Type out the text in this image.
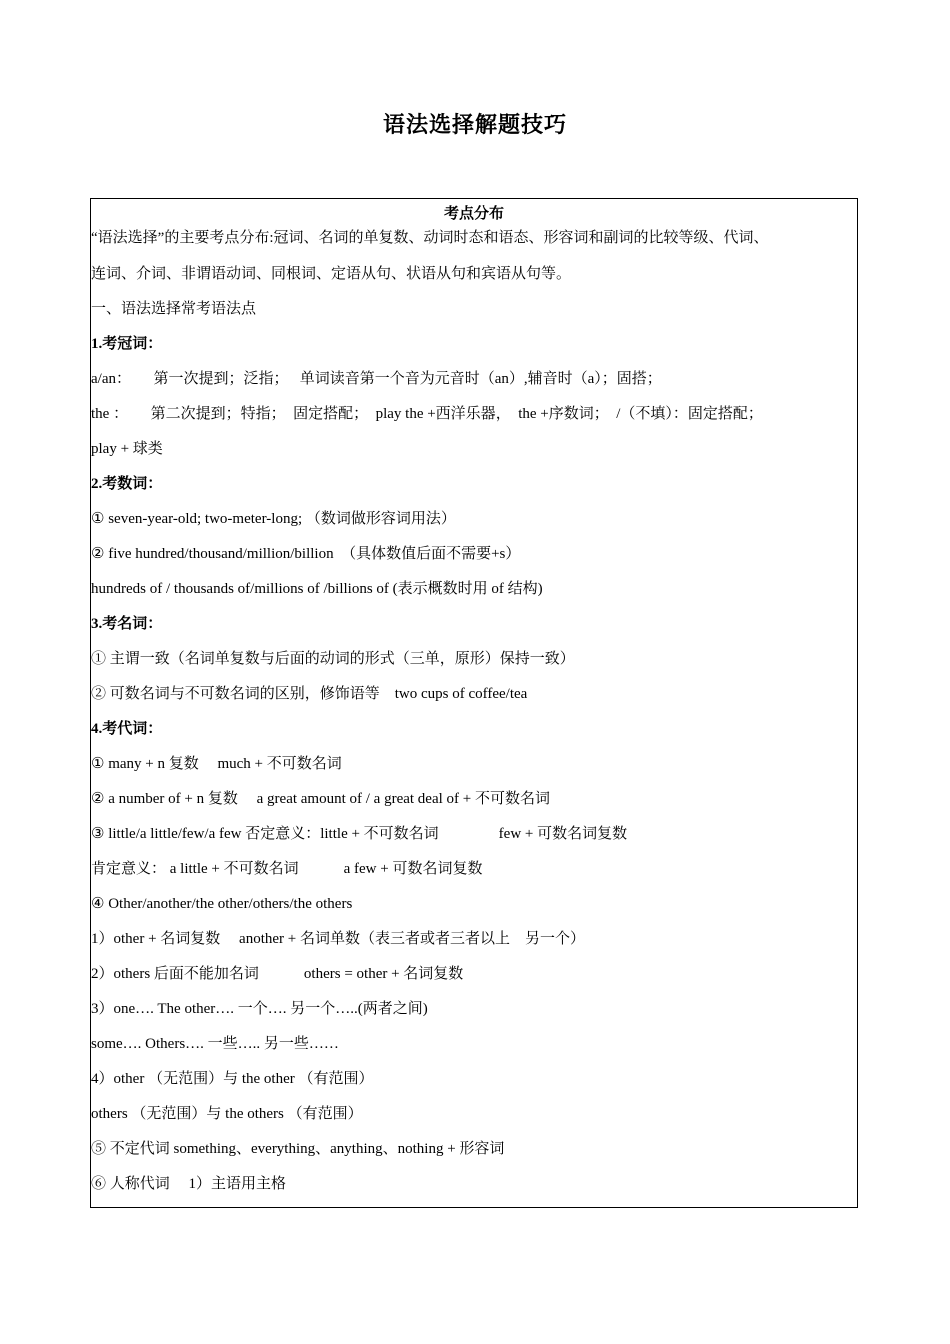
语法选择解题技巧
考点分布
“语法选择”的主要考点分布:冠词、名词的单复数、动词时态和语态、形容词和副词的比较等级、代词、
连词、介词、非谓语动词、同根词、定语从句、状语从句和宾语从句等。
一、语法选择常考语法点
1.考冠词：
a/an：　　第一次提到；泛指；　 单词读音第一个音为元音时（an）,辅音时（a）；固搭；
the ：　　第二次提到；特指；　固定搭配；　play the +西洋乐器，　the +序数词；　/（不填）：固定搭配；
play + 球类
2.考数词：
① seven-year-old; two-meter-long; （数词做形容词用法）
② five hundred/thousand/million/billion　（具体数值后面不需要+s）
hundreds of / thousands of/millions of /billions of (表示概数时用 of 结构)
3.考名词：
① 主谓一致（名词单复数与后面的动词的形式（三单，原形）保持一致）
② 可数名词与不可数名词的区别，修饰语等　two cups of coffee/tea
4.考代词：
① many + n 复数　 much + 不可数名词
② a number of + n 复数　 a great amount of / a great deal of + 不可数名词
③ little/a little/few/a few 否定意义：little + 不可数名词　　　　few + 可数名词复数
肯定意义： a little + 不可数名词　　　a few + 可数名词复数
④ Other/another/the other/others/the others
1）other + 名词复数　 another + 名词单数（表三者或者三者以上　另一个）
2）others 后面不能加名词　　　others = other + 名词复数
3）one…. The other…. 一个…. 另一个…..(两者之间)
some…. Others…. 一些….. 另一些……
4）other （无范围）与 the other （有范围）
others （无范围）与 the others （有范围）
⑤ 不定代词 something、everything、anything、nothing + 形容词
⑥ 人称代词　 1）主语用主格
